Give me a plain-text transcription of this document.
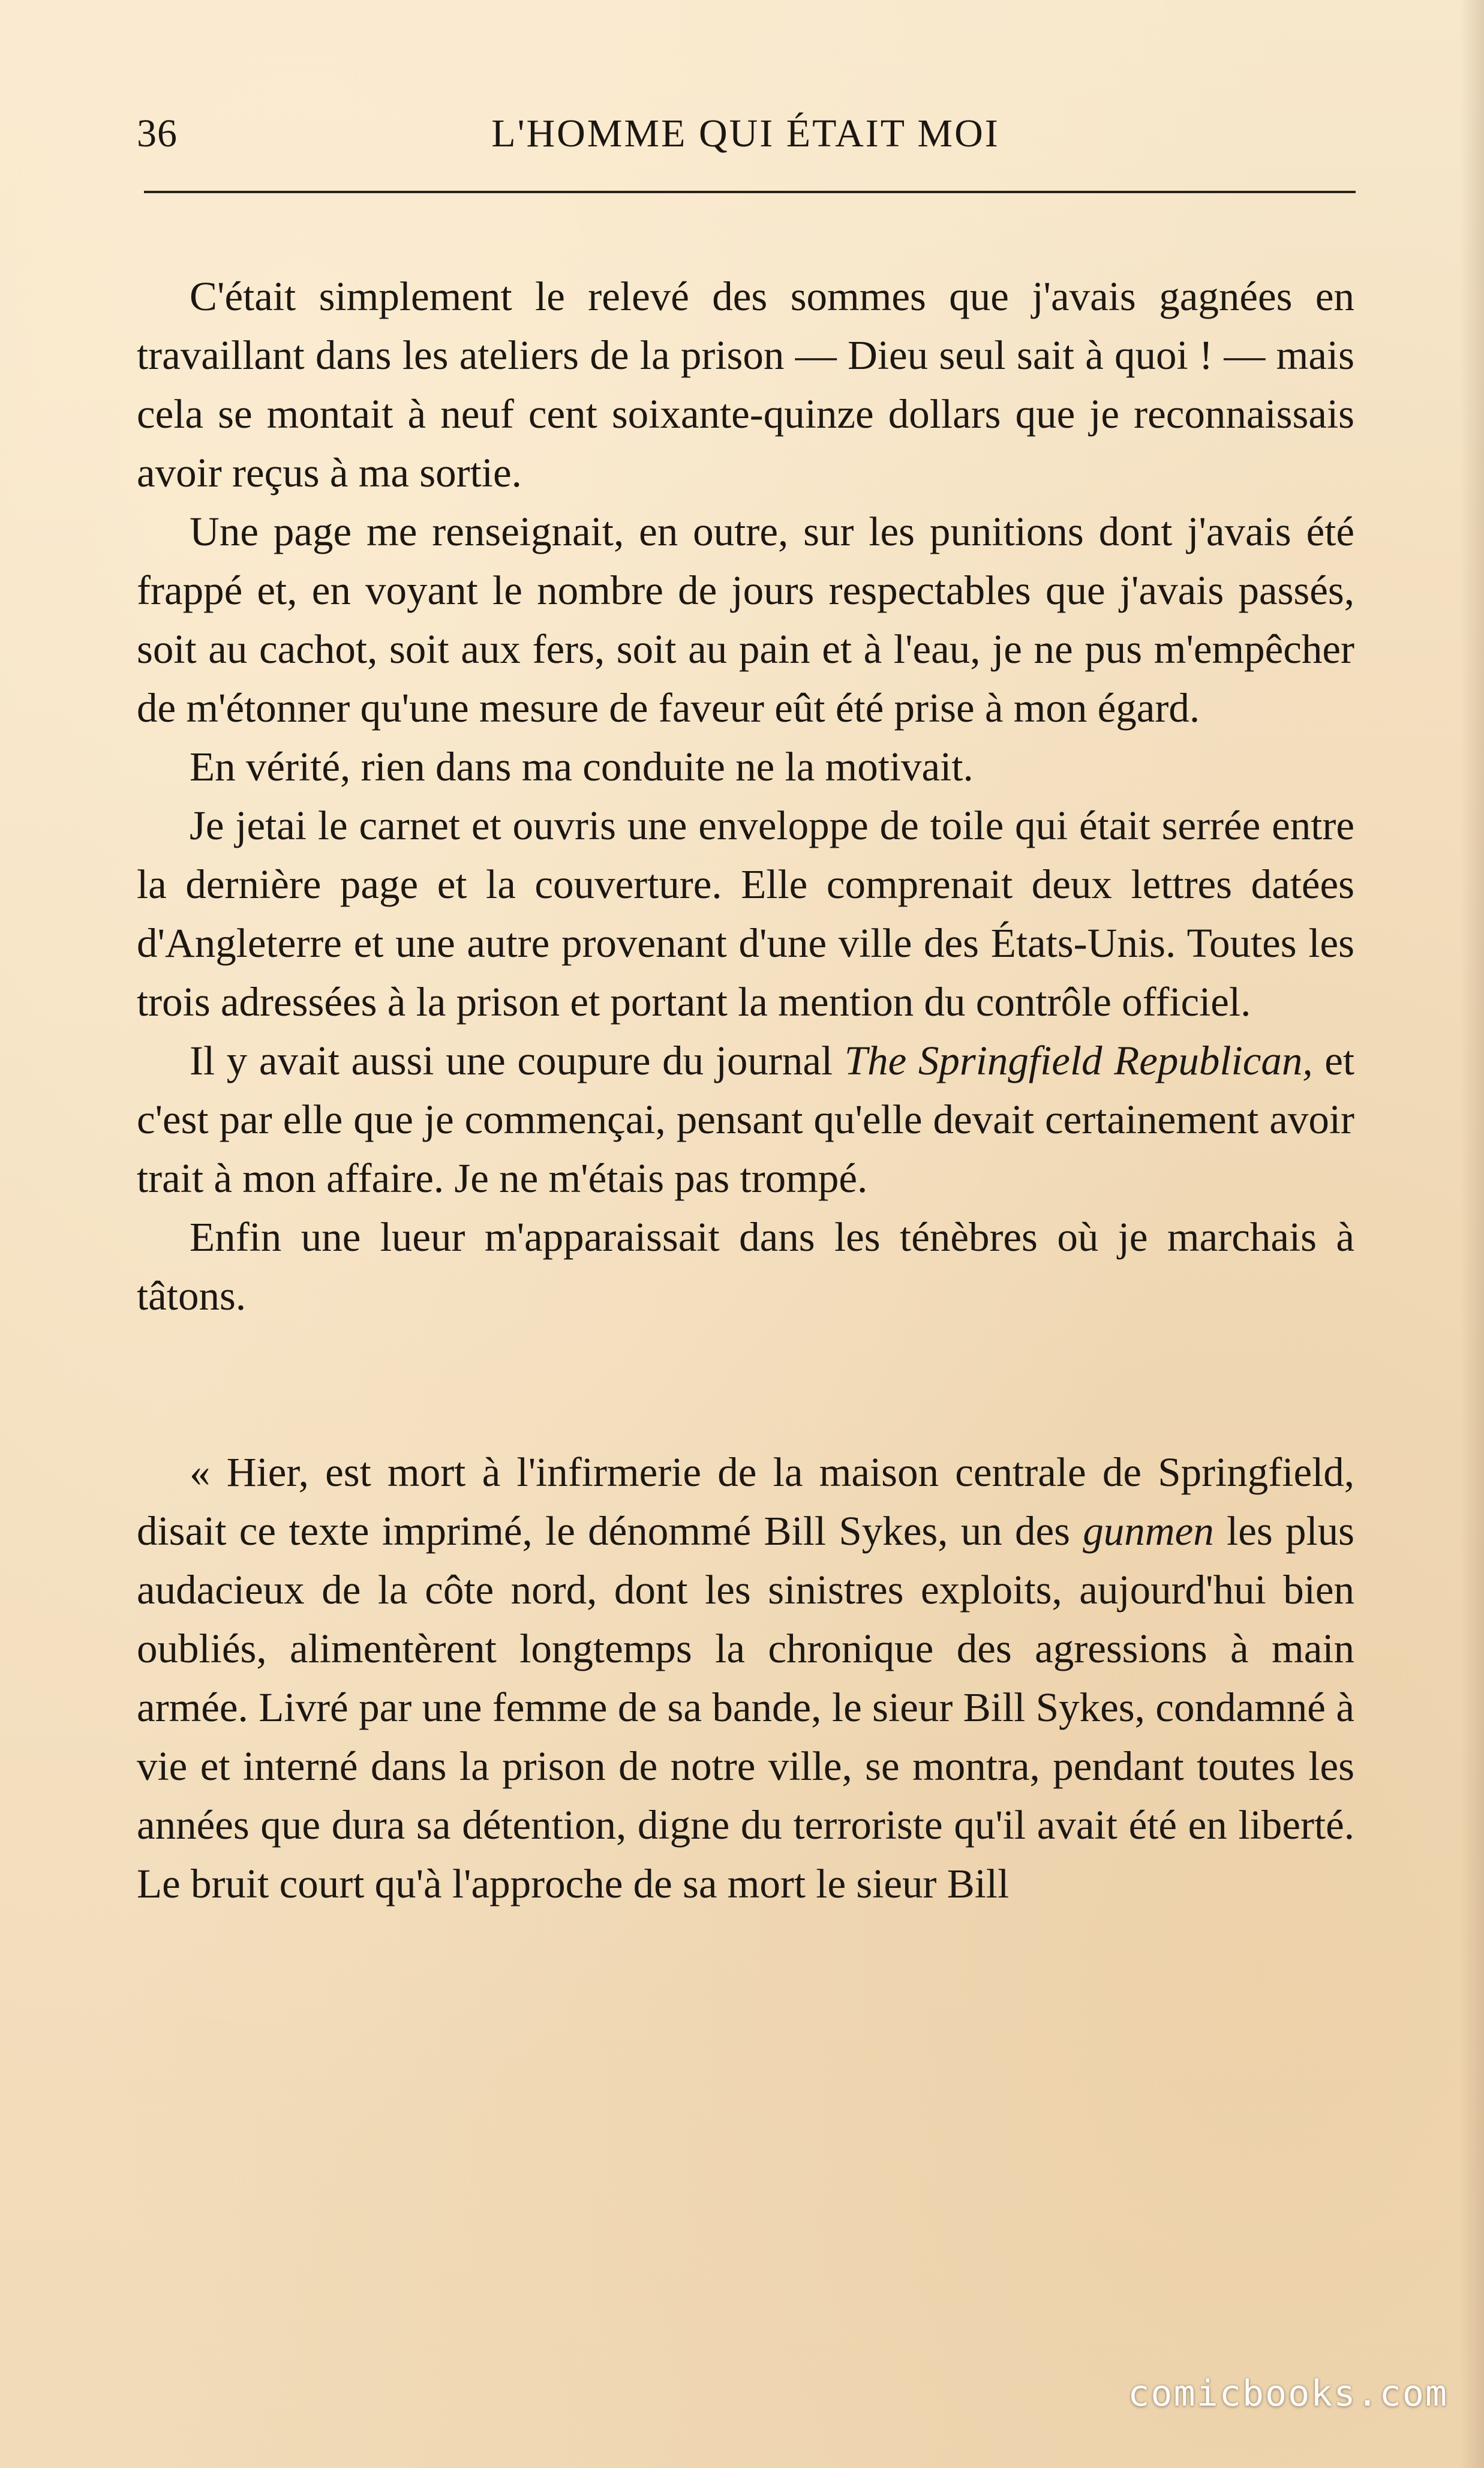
36	L'HOMME QUI ÉTAIT MOI

C'était simplement le relevé des sommes que j'avais gagnées en travaillant dans les ateliers de la prison — Dieu seul sait à quoi ! — mais cela se montait à neuf cent soixante-quinze dollars que je reconnaissais avoir reçus à ma sortie.

Une page me renseignait, en outre, sur les punitions dont j'avais été frappé et, en voyant le nombre de jours respectables que j'avais passés, soit au cachot, soit aux fers, soit au pain et à l'eau, je ne pus m'empêcher de m'étonner qu'une mesure de faveur eût été prise à mon égard.

En vérité, rien dans ma conduite ne la motivait.

Je jetai le carnet et ouvris une enveloppe de toile qui était serrée entre la dernière page et la couverture. Elle comprenait deux lettres datées d'Angleterre et une autre provenant d'une ville des États-Unis. Toutes les trois adressées à la prison et portant la mention du contrôle officiel.

Il y avait aussi une coupure du journal The Springfield Republican, et c'est par elle que je commençai, pensant qu'elle devait certainement avoir trait à mon affaire. Je ne m'étais pas trompé.

Enfin une lueur m'apparaissait dans les ténèbres où je marchais à tâtons.

« Hier, est mort à l'infirmerie de la maison centrale de Springfield, disait ce texte imprimé, le dénommé Bill Sykes, un des gunmen les plus audacieux de la côte nord, dont les sinistres exploits, aujourd'hui bien oubliés, alimentèrent longtemps la chronique des agressions à main armée. Livré par une femme de sa bande, le sieur Bill Sykes, condamné à vie et interné dans la prison de notre ville, se montra, pendant toutes les années que dura sa détention, digne du terroriste qu'il avait été en liberté. Le bruit court qu'à l'approche de sa mort le sieur Bill

comicbooks.com
